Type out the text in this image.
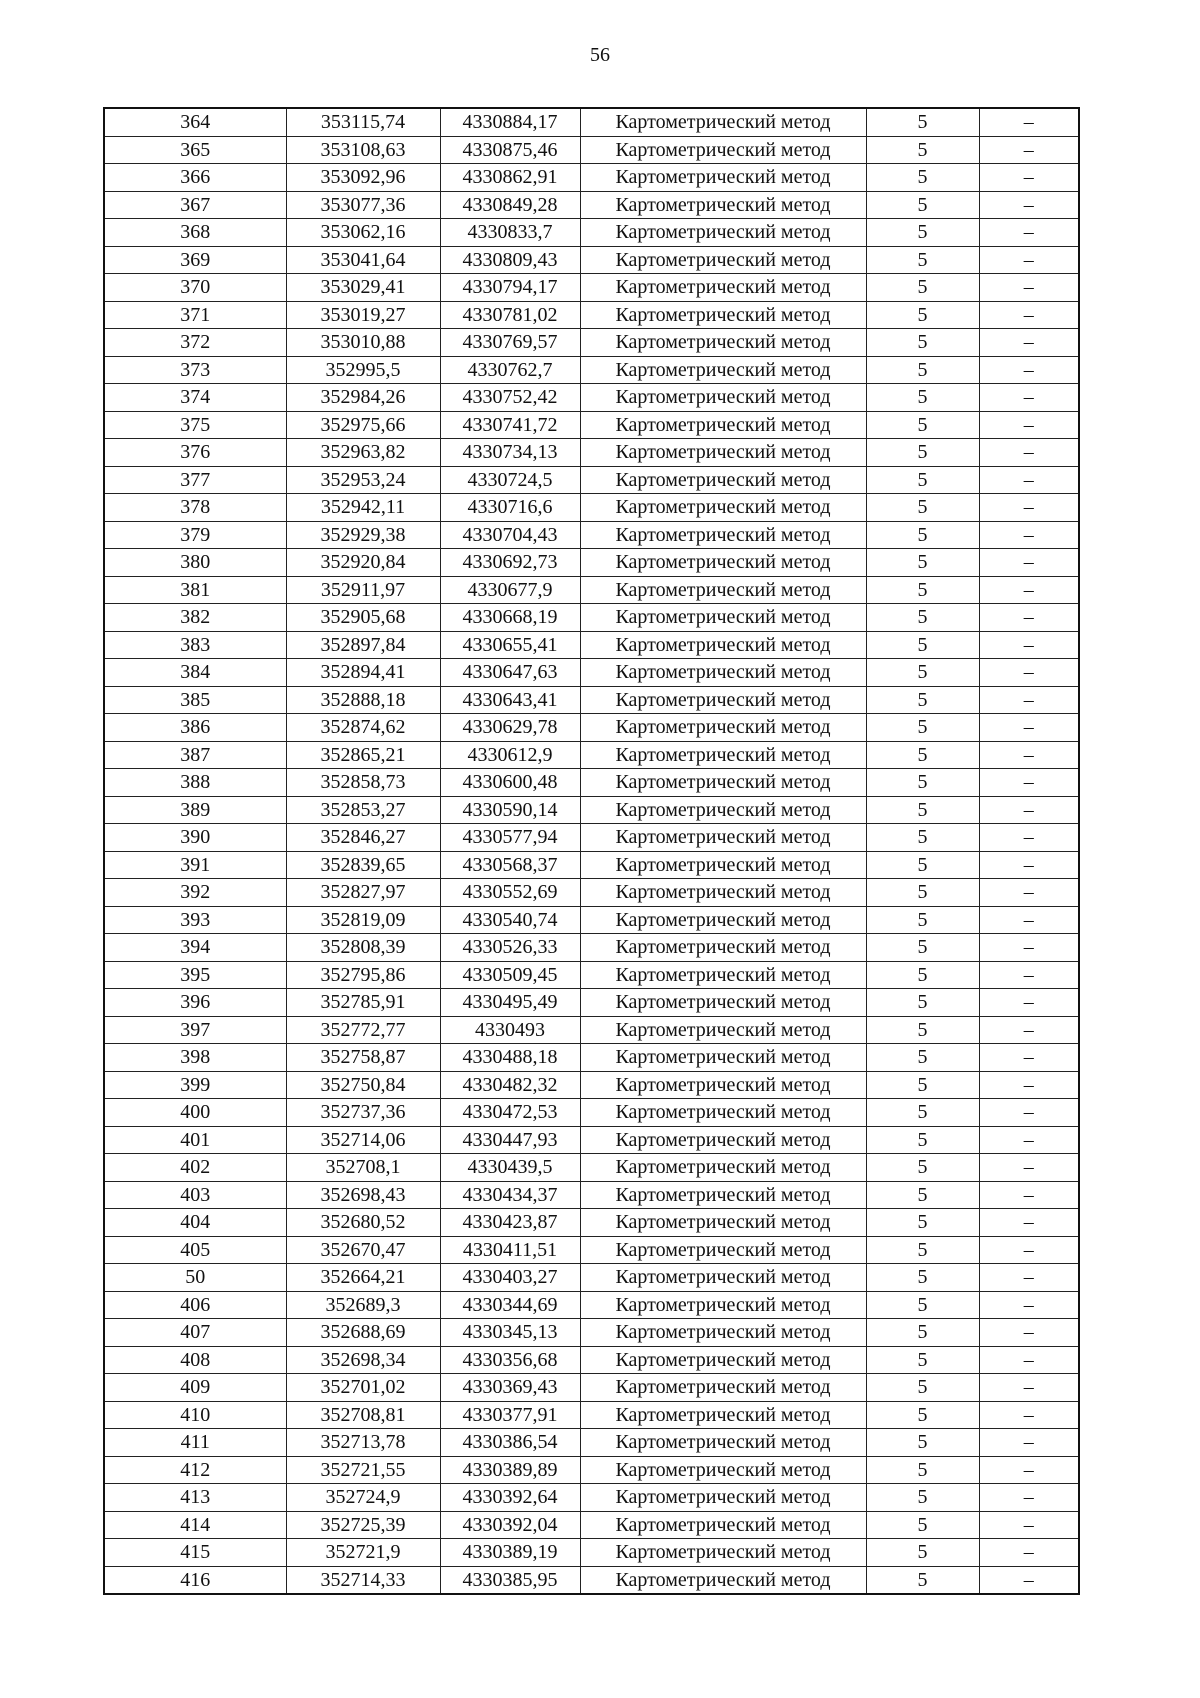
56
364	353115,74	4330884,17	Картометрический метод	5	–
365	353108,63	4330875,46	Картометрический метод	5	–
366	353092,96	4330862,91	Картометрический метод	5	–
367	353077,36	4330849,28	Картометрический метод	5	–
368	353062,16	4330833,7	Картометрический метод	5	–
369	353041,64	4330809,43	Картометрический метод	5	–
370	353029,41	4330794,17	Картометрический метод	5	–
371	353019,27	4330781,02	Картометрический метод	5	–
372	353010,88	4330769,57	Картометрический метод	5	–
373	352995,5	4330762,7	Картометрический метод	5	–
374	352984,26	4330752,42	Картометрический метод	5	–
375	352975,66	4330741,72	Картометрический метод	5	–
376	352963,82	4330734,13	Картометрический метод	5	–
377	352953,24	4330724,5	Картометрический метод	5	–
378	352942,11	4330716,6	Картометрический метод	5	–
379	352929,38	4330704,43	Картометрический метод	5	–
380	352920,84	4330692,73	Картометрический метод	5	–
381	352911,97	4330677,9	Картометрический метод	5	–
382	352905,68	4330668,19	Картометрический метод	5	–
383	352897,84	4330655,41	Картометрический метод	5	–
384	352894,41	4330647,63	Картометрический метод	5	–
385	352888,18	4330643,41	Картометрический метод	5	–
386	352874,62	4330629,78	Картометрический метод	5	–
387	352865,21	4330612,9	Картометрический метод	5	–
388	352858,73	4330600,48	Картометрический метод	5	–
389	352853,27	4330590,14	Картометрический метод	5	–
390	352846,27	4330577,94	Картометрический метод	5	–
391	352839,65	4330568,37	Картометрический метод	5	–
392	352827,97	4330552,69	Картометрический метод	5	–
393	352819,09	4330540,74	Картометрический метод	5	–
394	352808,39	4330526,33	Картометрический метод	5	–
395	352795,86	4330509,45	Картометрический метод	5	–
396	352785,91	4330495,49	Картометрический метод	5	–
397	352772,77	4330493	Картометрический метод	5	–
398	352758,87	4330488,18	Картометрический метод	5	–
399	352750,84	4330482,32	Картометрический метод	5	–
400	352737,36	4330472,53	Картометрический метод	5	–
401	352714,06	4330447,93	Картометрический метод	5	–
402	352708,1	4330439,5	Картометрический метод	5	–
403	352698,43	4330434,37	Картометрический метод	5	–
404	352680,52	4330423,87	Картометрический метод	5	–
405	352670,47	4330411,51	Картометрический метод	5	–
50	352664,21	4330403,27	Картометрический метод	5	–
406	352689,3	4330344,69	Картометрический метод	5	–
407	352688,69	4330345,13	Картометрический метод	5	–
408	352698,34	4330356,68	Картометрический метод	5	–
409	352701,02	4330369,43	Картометрический метод	5	–
410	352708,81	4330377,91	Картометрический метод	5	–
411	352713,78	4330386,54	Картометрический метод	5	–
412	352721,55	4330389,89	Картометрический метод	5	–
413	352724,9	4330392,64	Картометрический метод	5	–
414	352725,39	4330392,04	Картометрический метод	5	–
415	352721,9	4330389,19	Картометрический метод	5	–
416	352714,33	4330385,95	Картометрический метод	5	–
